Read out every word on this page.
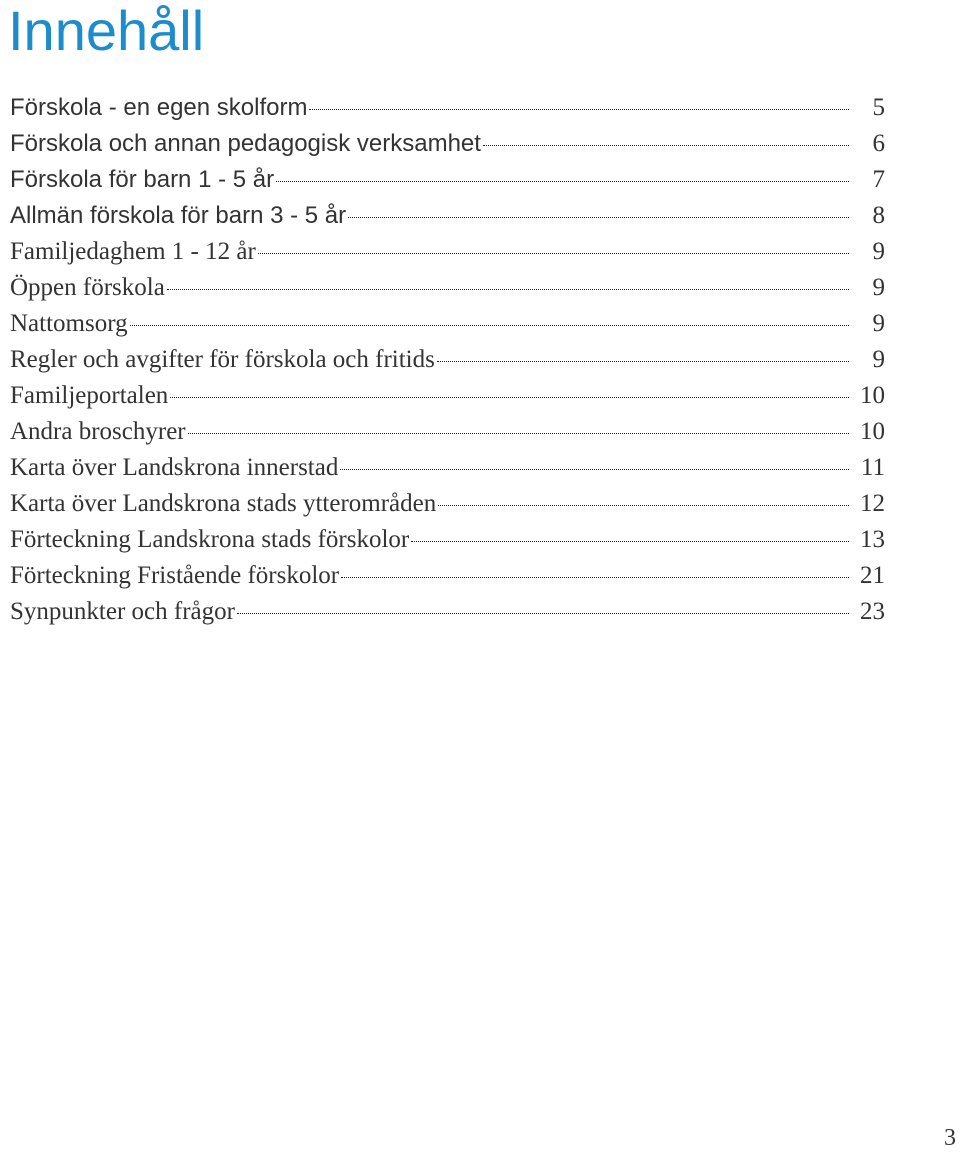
Innehåll
Förskola - en egen skolform	5
Förskola och annan pedagogisk verksamhet	6
Förskola för barn 1 - 5 år	7
Allmän förskola för barn 3 - 5 år	8
Familjedaghem 1 - 12 år	9
Öppen förskola	9
Nattomsorg	9
Regler och avgifter för förskola och fritids	9
Familjeportalen	10
Andra broschyrer	10
Karta över Landskrona innerstad	11
Karta över Landskrona stads ytterområden	12
Förteckning Landskrona stads förskolor	13
Förteckning Fristående förskolor	21
Synpunkter och frågor	23
3
